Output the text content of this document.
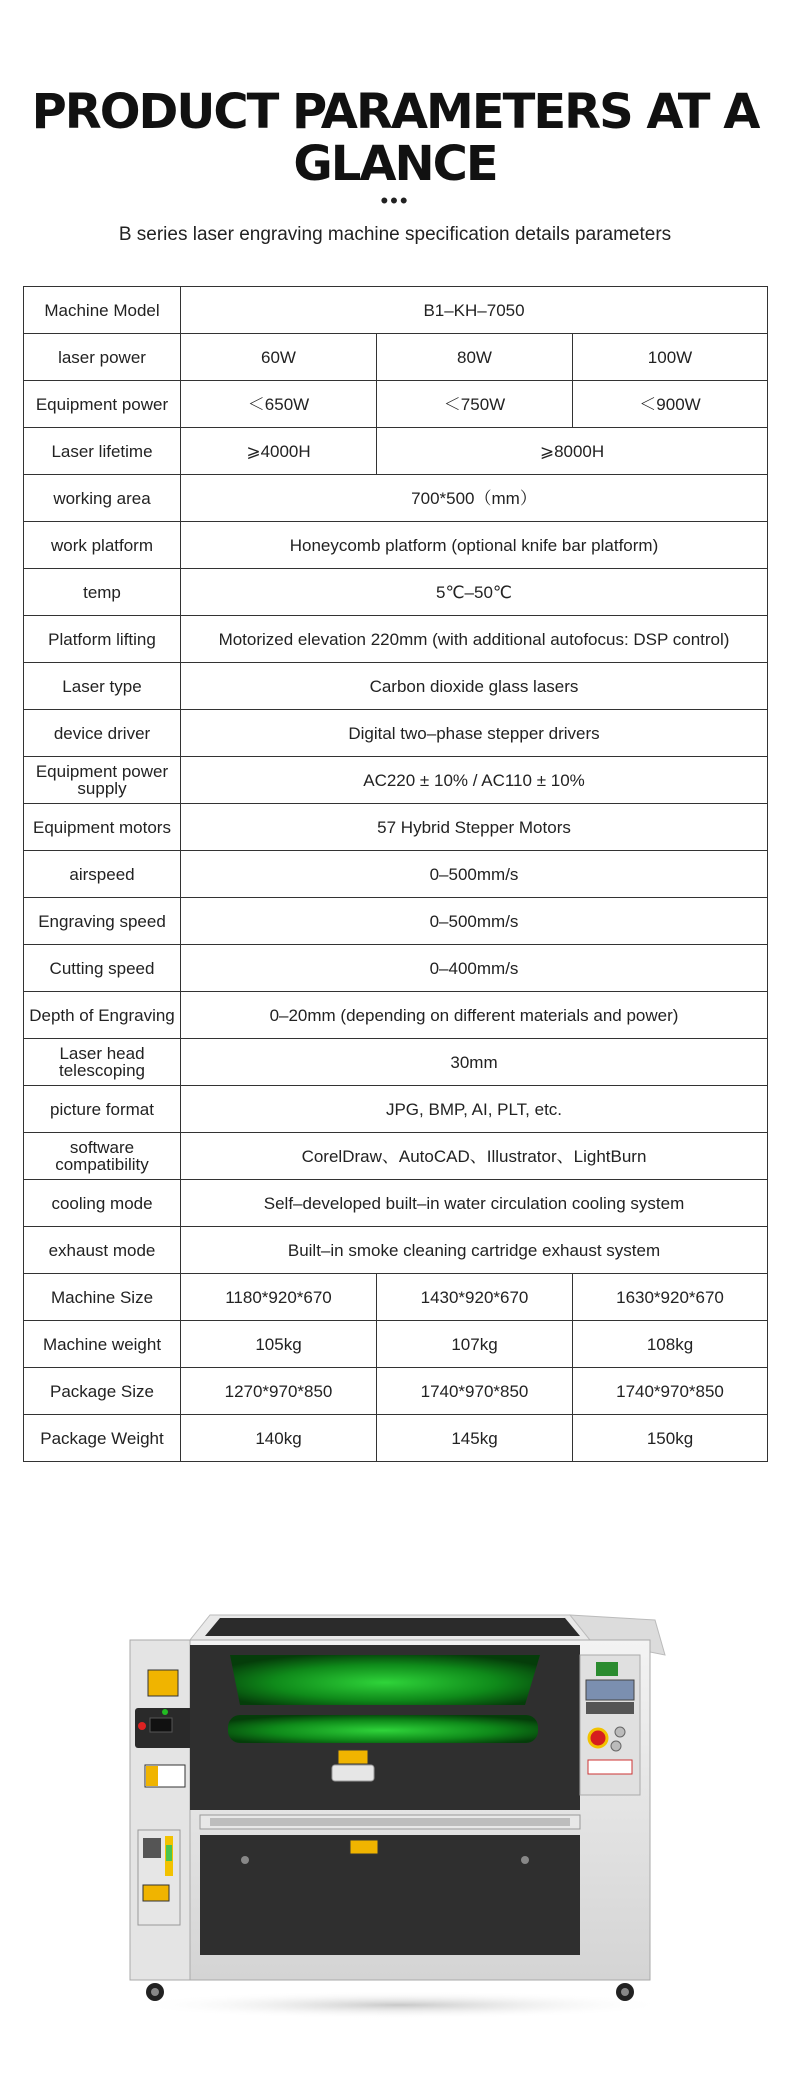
PRODUCT PARAMETERS AT A
GLANCE
•••
B series laser engraving machine specification details parameters
Machine Model	B1–KH–7050		
laser power	60W	80W	100W
Equipment power	＜650W	＜750W	＜900W
Laser lifetime	⩾4000H	⩾8000H	
working area	700*500（mm）		
work platform	Honeycomb platform (optional knife bar platform)		
temp	5℃–50℃		
Platform lifting	Motorized elevation 220mm (with additional autofocus: DSP control)		
Laser type	Carbon dioxide glass lasers		
device driver	Digital two–phase stepper drivers		

Equipment power
supply	AC220 ± 10% / AC110 ± 10%		
Equipment motors	57 Hybrid Stepper Motors		
airspeed	0–500mm/s		
Engraving speed	0–500mm/s		
Cutting speed	0–400mm/s		
Depth of Engraving	0–20mm (depending on different materials and power)		

Laser head
telescoping	30mm		
picture format	JPG, BMP, AI, PLT, etc.		

software
compatibility	CorelDraw、AutoCAD、Illustrator、LightBurn		
cooling mode	Self–developed built–in water circulation cooling system		
exhaust mode	Built–in smoke cleaning cartridge exhaust system		
Machine Size	1180*920*670	1430*920*670	1630*920*670
Machine weight	105kg	107kg	108kg
Package Size	1270*970*850	1740*970*850	1740*970*850
Package Weight	140kg	145kg	150kg
